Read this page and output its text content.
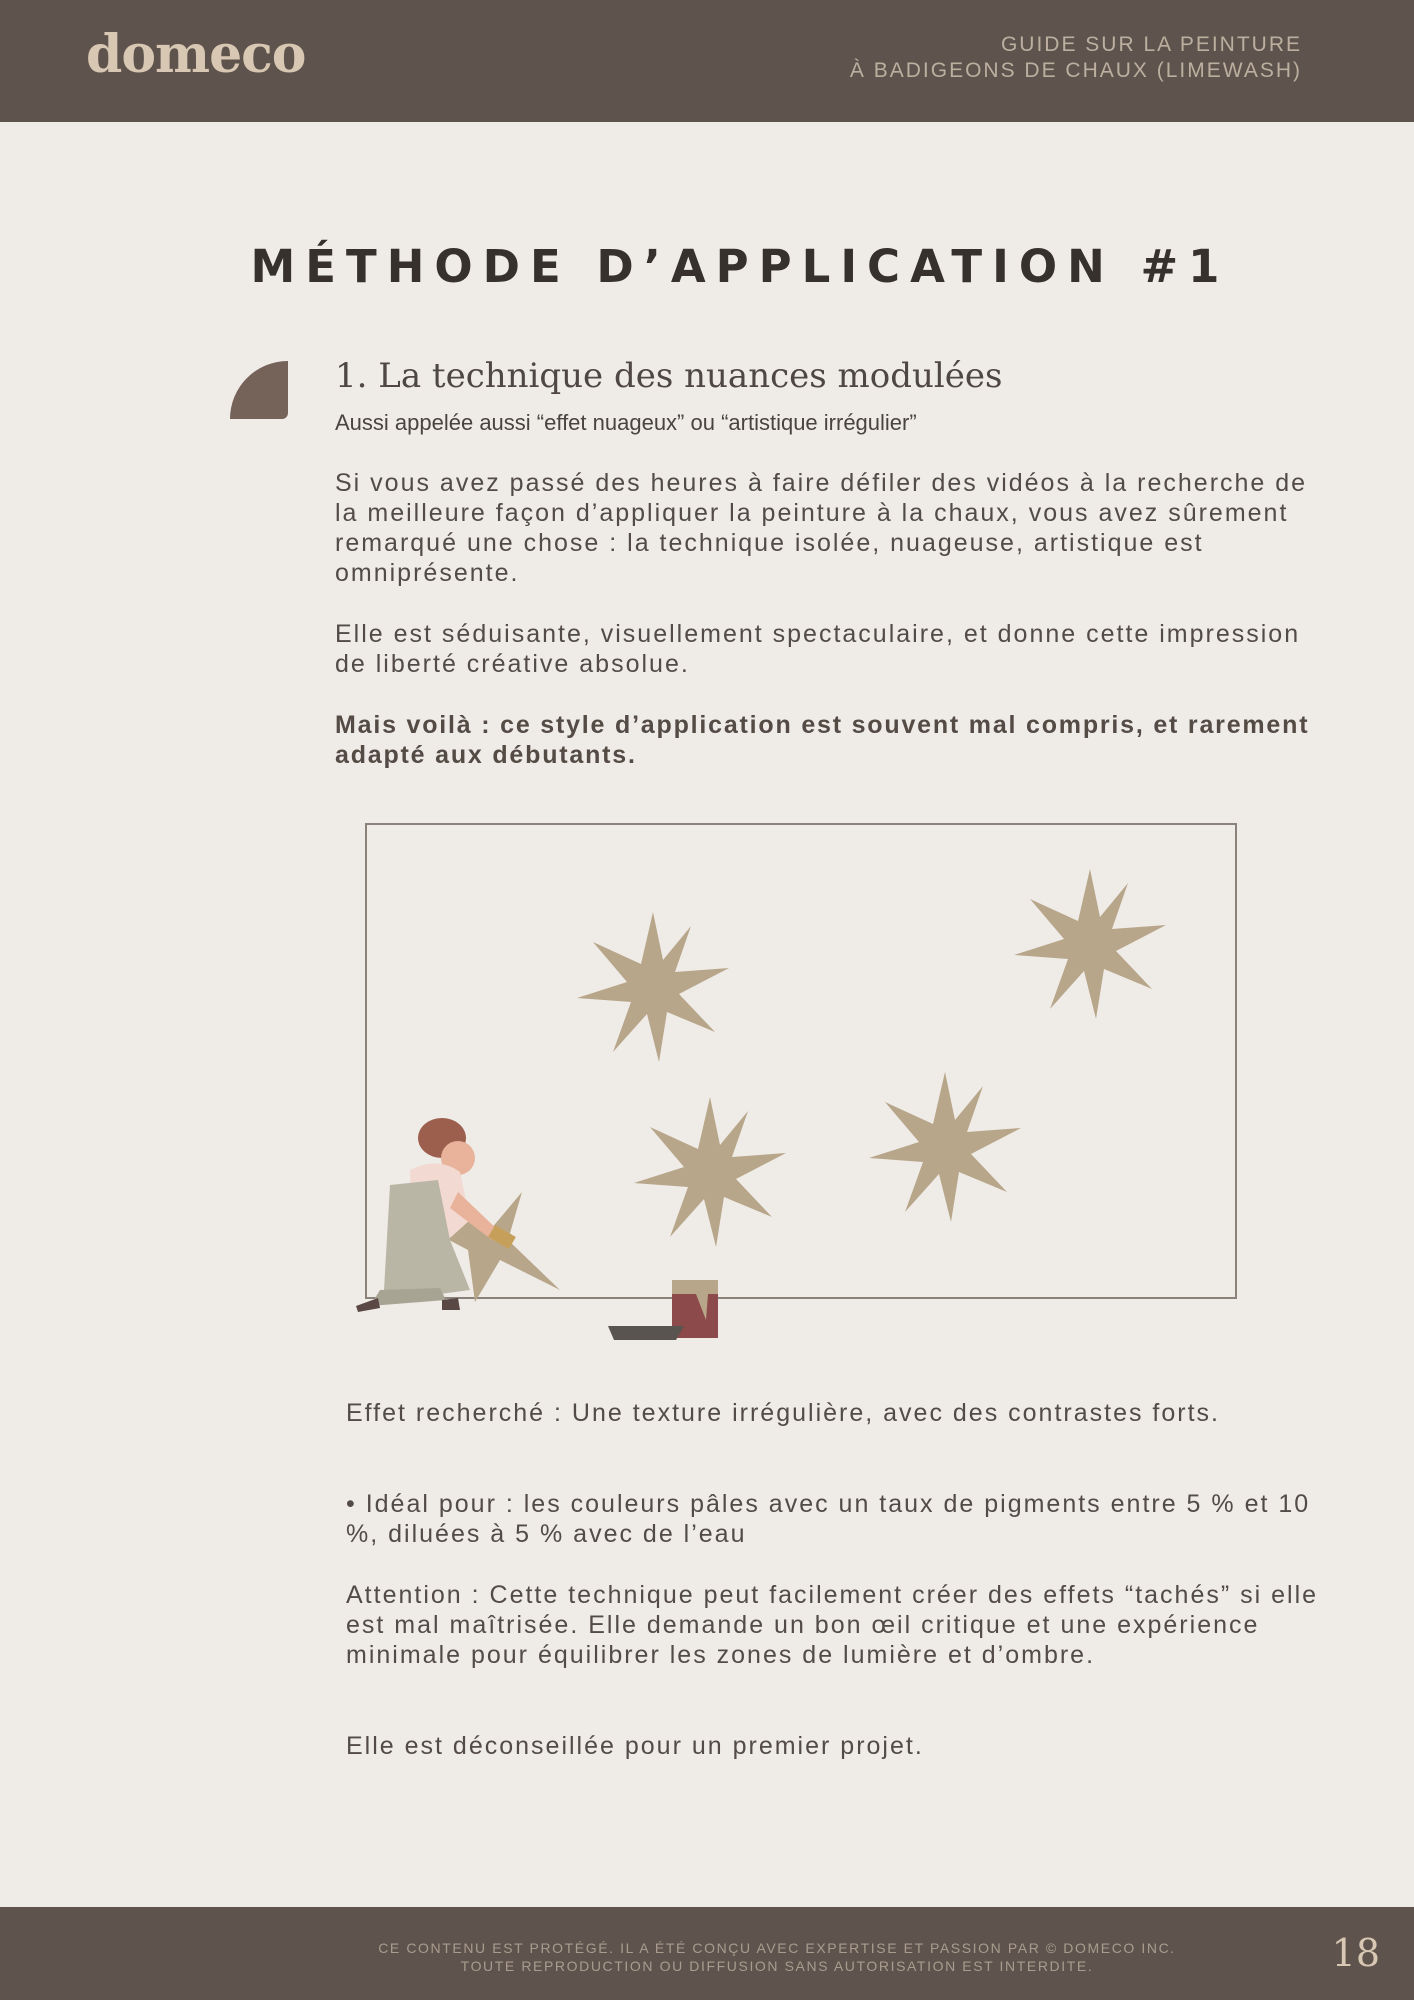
domeco	GUIDE SUR LA PEINTURE
À BADIGEONS DE CHAUX (LIMEWASH)
MÉTHODE D’APPLICATION #1
1. La technique des nuances modulées
Aussi appelée aussi “effet nuageux” ou “artistique irrégulier”
Si vous avez passé des heures à faire défiler des vidéos à la recherche de la meilleure façon d’appliquer la peinture à la chaux, vous avez sûrement remarqué une chose : la technique isolée, nuageuse, artistique est omniprésente.
Elle est séduisante, visuellement spectaculaire, et donne cette impression de liberté créative absolue.
Mais voilà : ce style d’application est souvent mal compris, et rarement adapté aux débutants.
Effet recherché : Une texture irrégulière, avec des contrastes forts.
• Idéal pour : les couleurs pâles avec un taux de pigments entre 5 % et 10 %, diluées à 5 % avec de l’eau
Attention : Cette technique peut facilement créer des effets “tachés” si elle est mal maîtrisée. Elle demande un bon œil critique et une expérience minimale pour équilibrer les zones de lumière et d’ombre.
Elle est déconseillée pour un premier projet.
CE CONTENU EST PROTÉGÉ. IL A ÉTÉ CONÇU AVEC EXPERTISE ET PASSION PAR © DOMECO INC.
TOUTE REPRODUCTION OU DIFFUSION SANS AUTORISATION EST INTERDITE.	18
